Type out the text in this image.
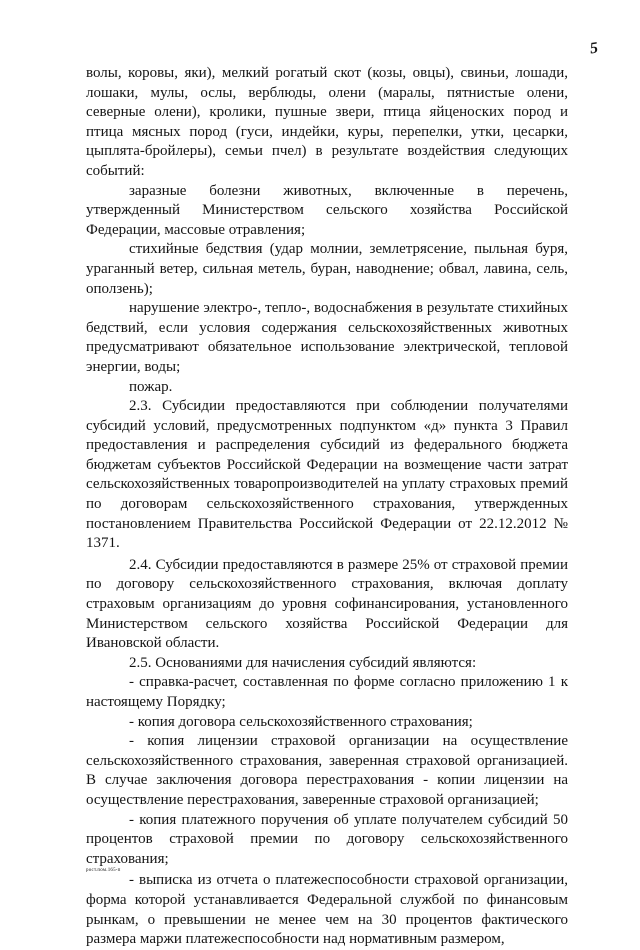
5

волы, коровы, яки), мелкий рогатый скот (козы, овцы), свиньи, лошади, лошаки, мулы, ослы, верблюды, олени (маралы, пятнистые олени, северные олени), кролики, пушные звери, птица яйценоских пород и птица мясных пород (гуси, индейки, куры, перепелки, утки, цесарки, цыплята-бройлеры), семьи пчел) в результате воздействия следующих событий:

заразные болезни животных, включенные в перечень, утвержденный Министерством сельского хозяйства Российской Федерации, массовые отравления;

стихийные бедствия (удар молнии, землетрясение, пыльная буря, ураганный ветер, сильная метель, буран, наводнение; обвал, лавина, сель, оползень);

нарушение электро-, тепло-, водоснабжения в результате стихийных бедствий, если условия содержания сельскохозяйственных животных предусматривают обязательное использование электрической, тепловой энергии, воды;

пожар.

2.3. Субсидии предоставляются при соблюдении получателями субсидий условий, предусмотренных подпунктом «д» пункта 3 Правил предоставления и распределения субсидий из федерального бюджета бюджетам субъектов Российской Федерации на возмещение части затрат сельскохозяйственных товаропроизводителей на уплату страховых премий по договорам сельскохозяйственного страхования, утвержденных постановлением Правительства Российской Федерации от 22.12.2012 № 1371.

2.4. Субсидии предоставляются в размере 25% от страховой премии по договору сельскохозяйственного страхования, включая доплату страховым организациям до уровня софинансирования, установленного Министерством сельского хозяйства Российской Федерации для Ивановской области.

2.5. Основаниями для начисления субсидий являются:

- справка-расчет, составленная по форме согласно приложению 1 к настоящему Порядку;

- копия договора сельскохозяйственного страхования;

- копия лицензии страховой организации на осуществление сельскохозяйственного страхования, заверенная страховой организацией. В случае заключения договора перестрахования - копии лицензии на осуществление перестрахования, заверенные страховой организацией;

- копия платежного поручения об уплате получателем субсидий 50 процентов страховой премии по договору сельскохозяйственного страхования;

- выписка из отчета о платежеспособности страховой организации, форма которой устанавливается Федеральной службой по финансовым рынкам, о превышении не менее чем на 30 процентов фактического размера маржи платежеспособности над нормативным размером,

рост.пом.165-п
